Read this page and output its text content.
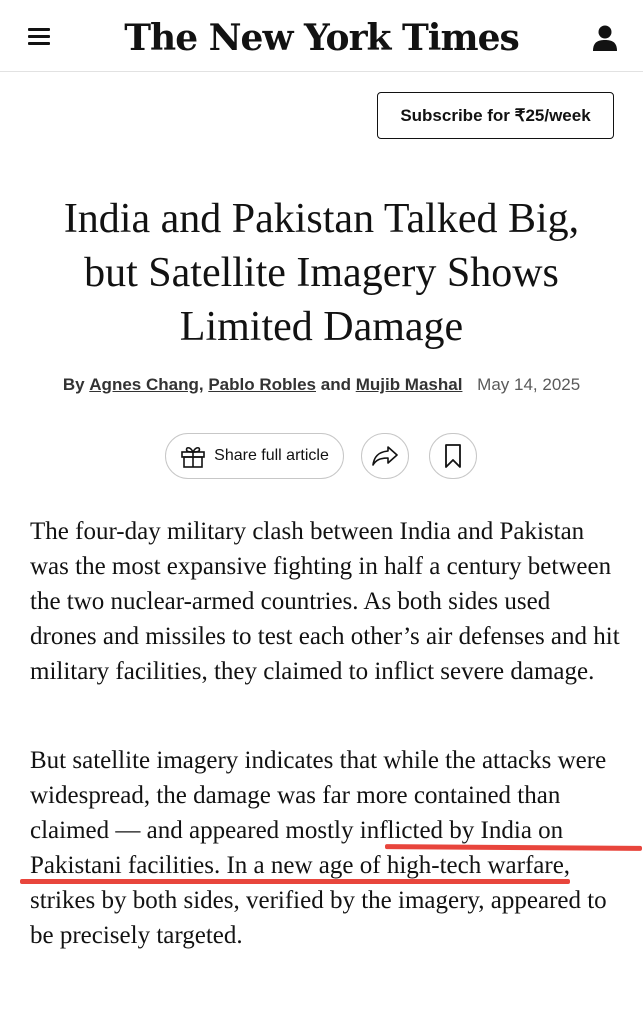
The New York Times
Subscribe for ₹25/week
India and Pakistan Talked Big, but Satellite Imagery Shows Limited Damage
By Agnes Chang, Pablo Robles and Mujib Mashal May 14, 2025
Share full article

The four-day military clash between India and Pakistan was the most expansive fighting in half a century between the two nuclear-armed countries. As both sides used drones and missiles to test each other’s air defenses and hit military facilities, they claimed to inflict severe damage.

But satellite imagery indicates that while the attacks were widespread, the damage was far more contained than claimed — and appeared mostly inflicted by India on Pakistani facilities. In a new age of high-tech warfare, strikes by both sides, verified by the imagery, appeared to be precisely targeted.
